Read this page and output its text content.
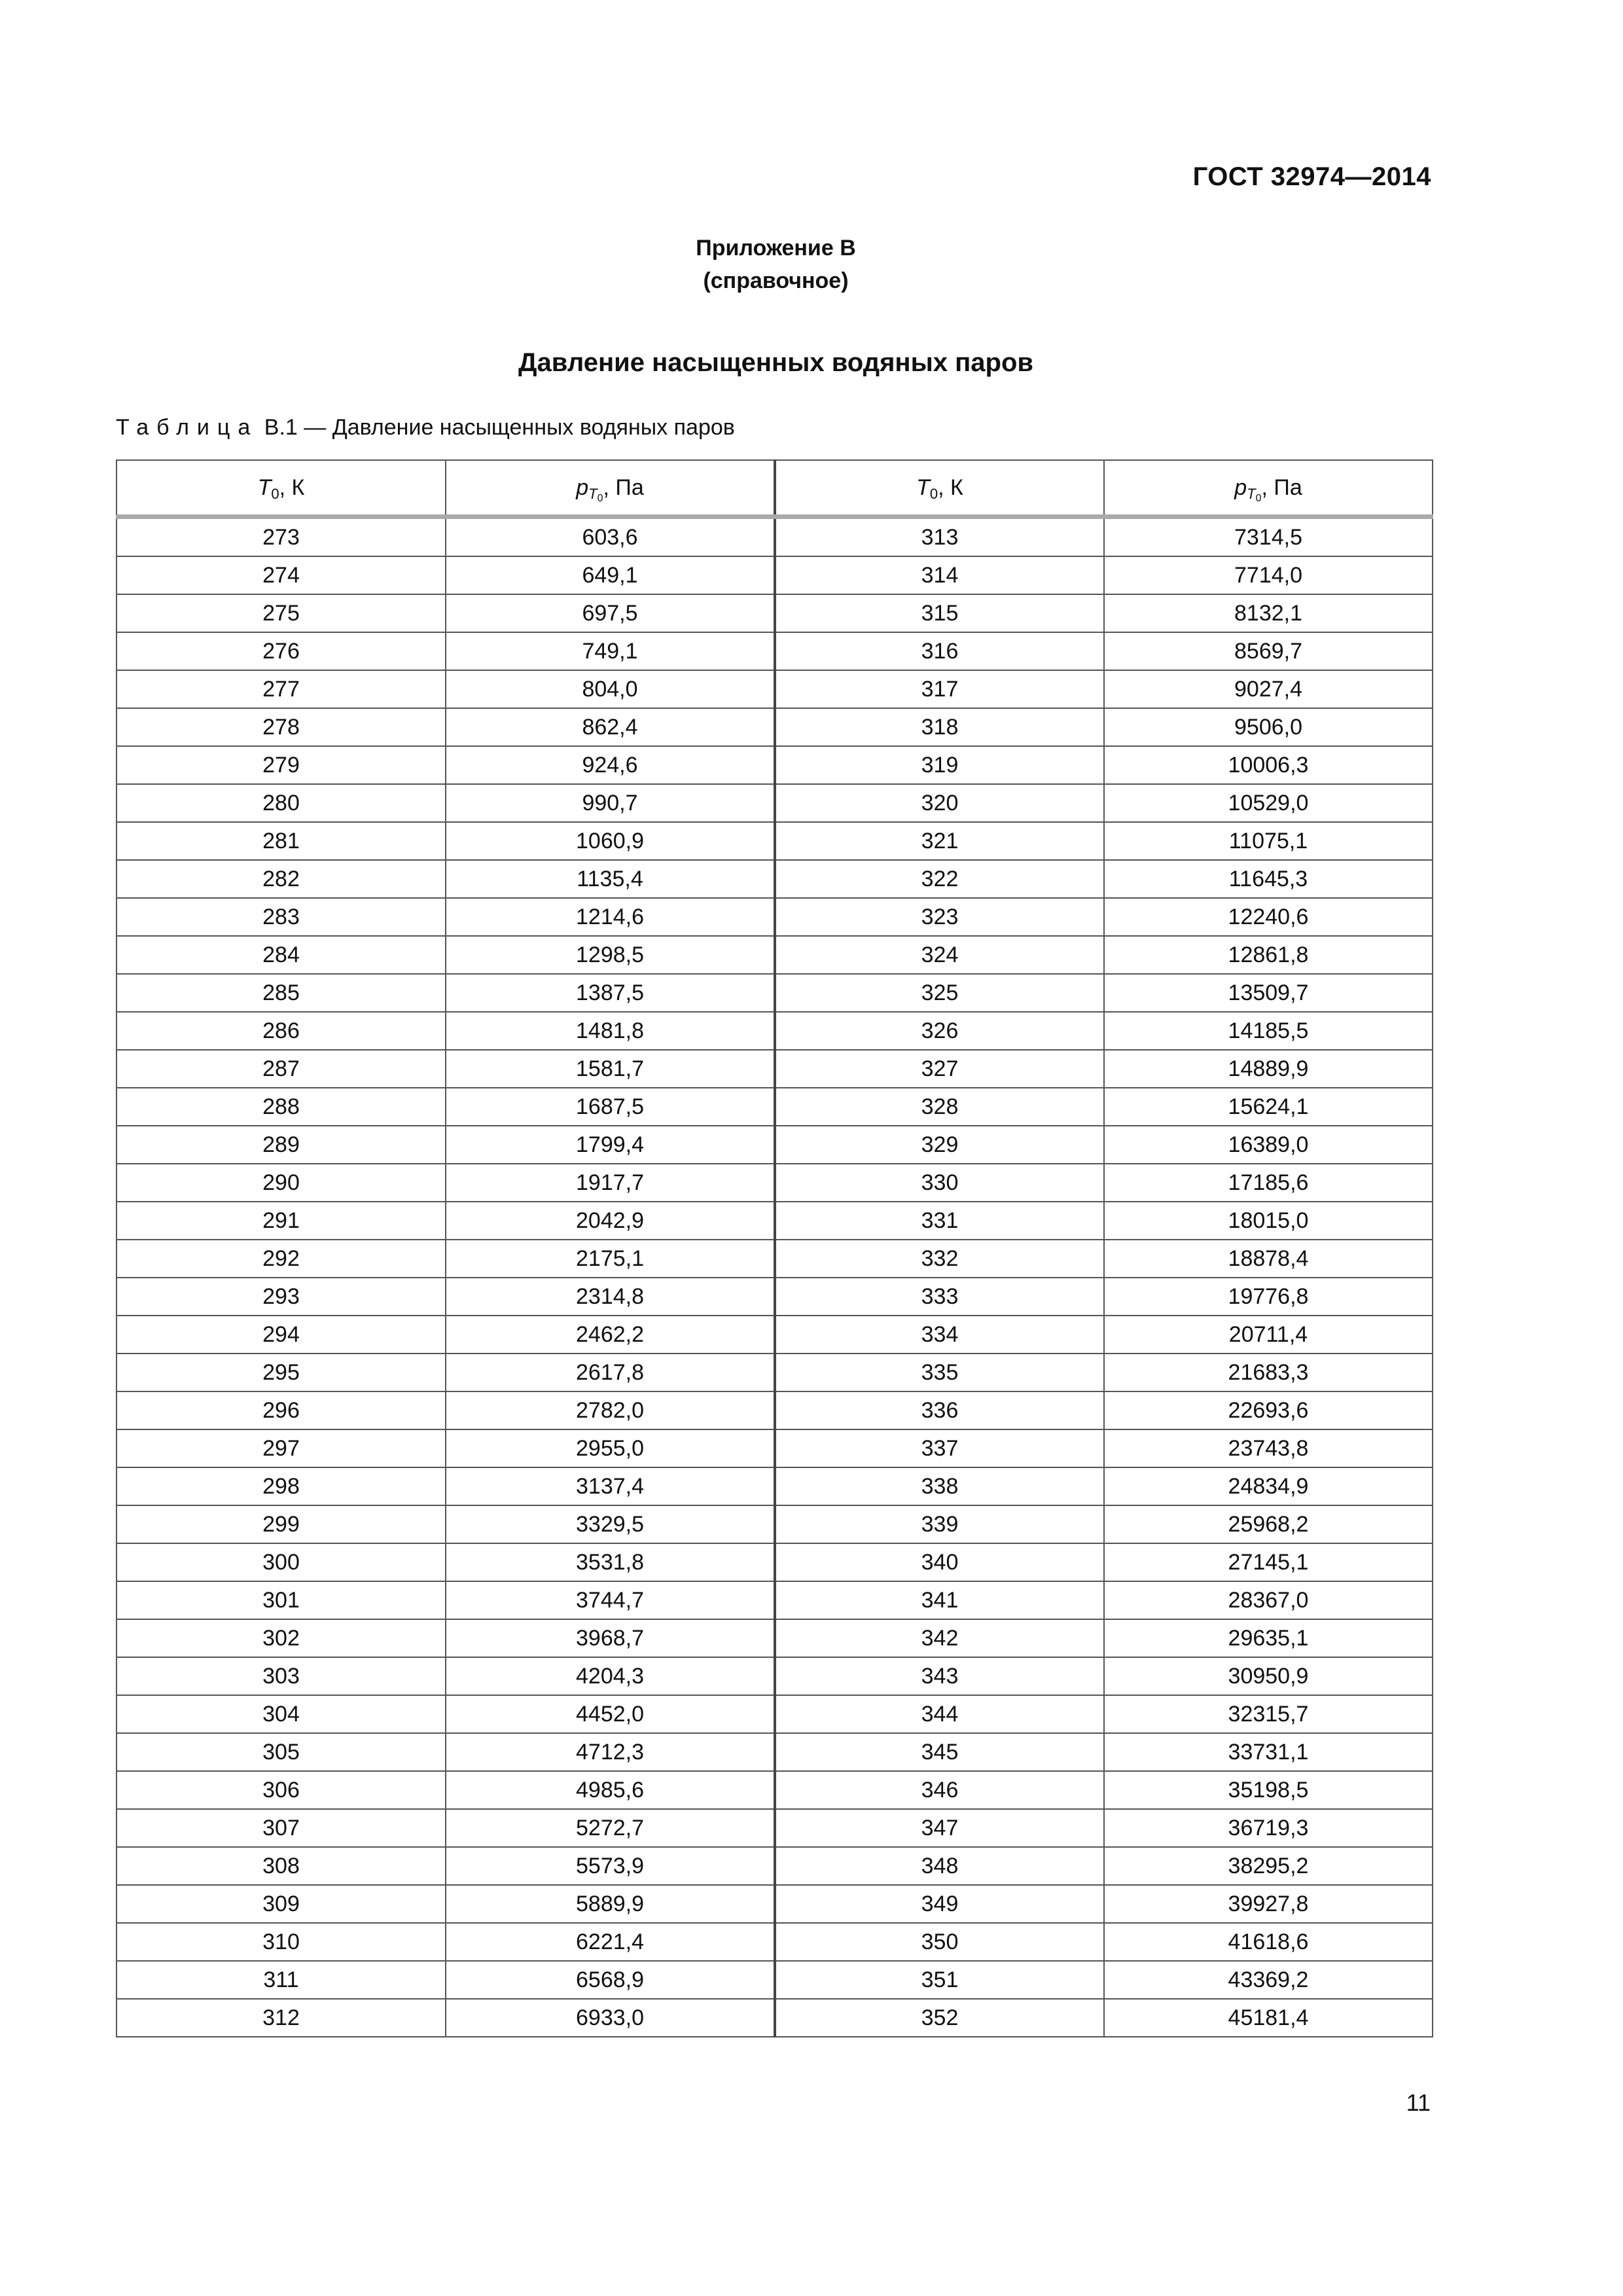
ГОСТ 32974—2014
Приложение В
(справочное)
Давление насыщенных водяных паров
Таблица В.1 — Давление насыщенных водяных паров
$T_0$, К	$p_{T_0}$, Па	$T_0$, К	$p_{T_0}$, Па
273	603,6	313	7314,5
274	649,1	314	7714,0
275	697,5	315	8132,1
276	749,1	316	8569,7
277	804,0	317	9027,4
278	862,4	318	9506,0
279	924,6	319	10006,3
280	990,7	320	10529,0
281	1060,9	321	11075,1
282	1135,4	322	11645,3
283	1214,6	323	12240,6
284	1298,5	324	12861,8
285	1387,5	325	13509,7
286	1481,8	326	14185,5
287	1581,7	327	14889,9
288	1687,5	328	15624,1
289	1799,4	329	16389,0
290	1917,7	330	17185,6
291	2042,9	331	18015,0
292	2175,1	332	18878,4
293	2314,8	333	19776,8
294	2462,2	334	20711,4
295	2617,8	335	21683,3
296	2782,0	336	22693,6
297	2955,0	337	23743,8
298	3137,4	338	24834,9
299	3329,5	339	25968,2
300	3531,8	340	27145,1
301	3744,7	341	28367,0
302	3968,7	342	29635,1
303	4204,3	343	30950,9
304	4452,0	344	32315,7
305	4712,3	345	33731,1
306	4985,6	346	35198,5
307	5272,7	347	36719,3
308	5573,9	348	38295,2
309	5889,9	349	39927,8
310	6221,4	350	41618,6
311	6568,9	351	43369,2
312	6933,0	352	45181,4
11
